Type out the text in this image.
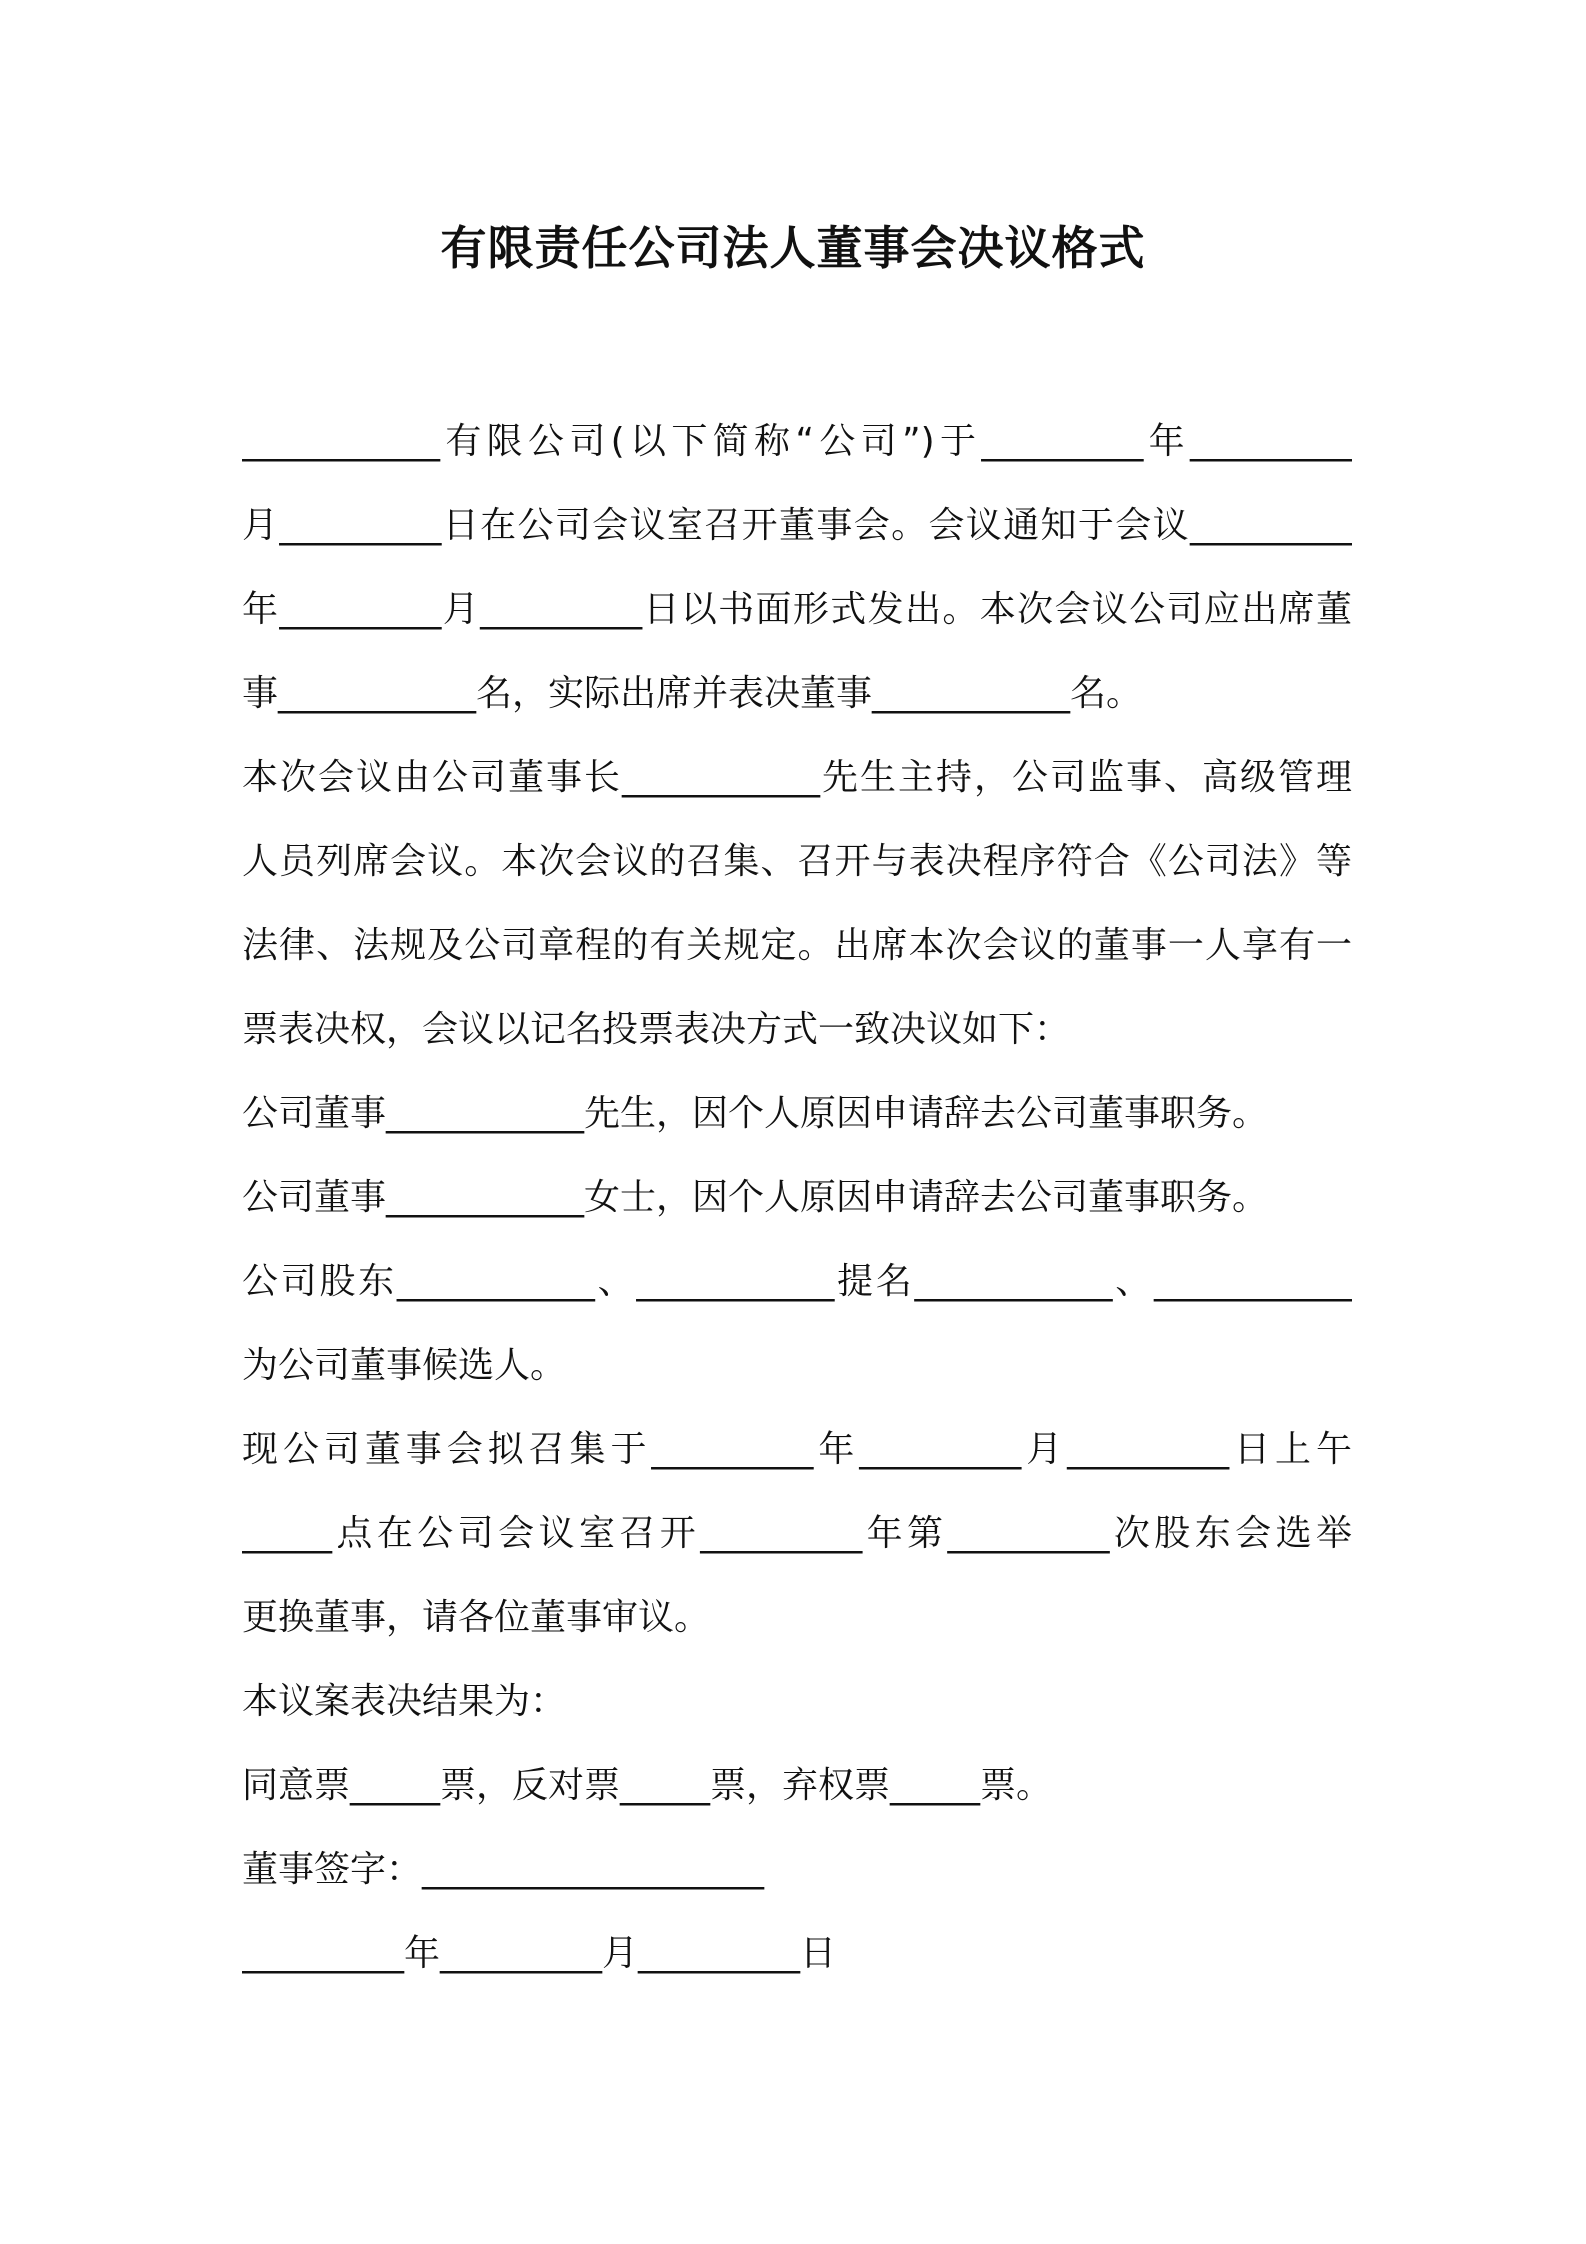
有限责任公司法人董事会决议格式
___________有限公司(以下简称“公司”)于_________年_________
月_________日在公司会议室召开董事会。会议通知于会议_________
年_________月_________日以书面形式发出。本次会议公司应出席董
事___________名，实际出席并表决董事___________名。
本次会议由公司董事长___________先生主持，公司监事、高级管理
人员列席会议。本次会议的召集、召开与表决程序符合《公司法》等
法律、法规及公司章程的有关规定。出席本次会议的董事一人享有一
票表决权，会议以记名投票表决方式一致决议如下：
公司董事___________先生，因个人原因申请辞去公司董事职务。
公司董事___________女士，因个人原因申请辞去公司董事职务。
公司股东___________、___________提名___________、___________
为公司董事候选人。
现公司董事会拟召集于_________年_________月_________日上午
_____点在公司会议室召开_________年第_________次股东会选举
更换董事，请各位董事审议。
本议案表决结果为：
同意票_____票，反对票_____票，弃权票_____票。
董事签字：___________________
_________年_________月_________日
